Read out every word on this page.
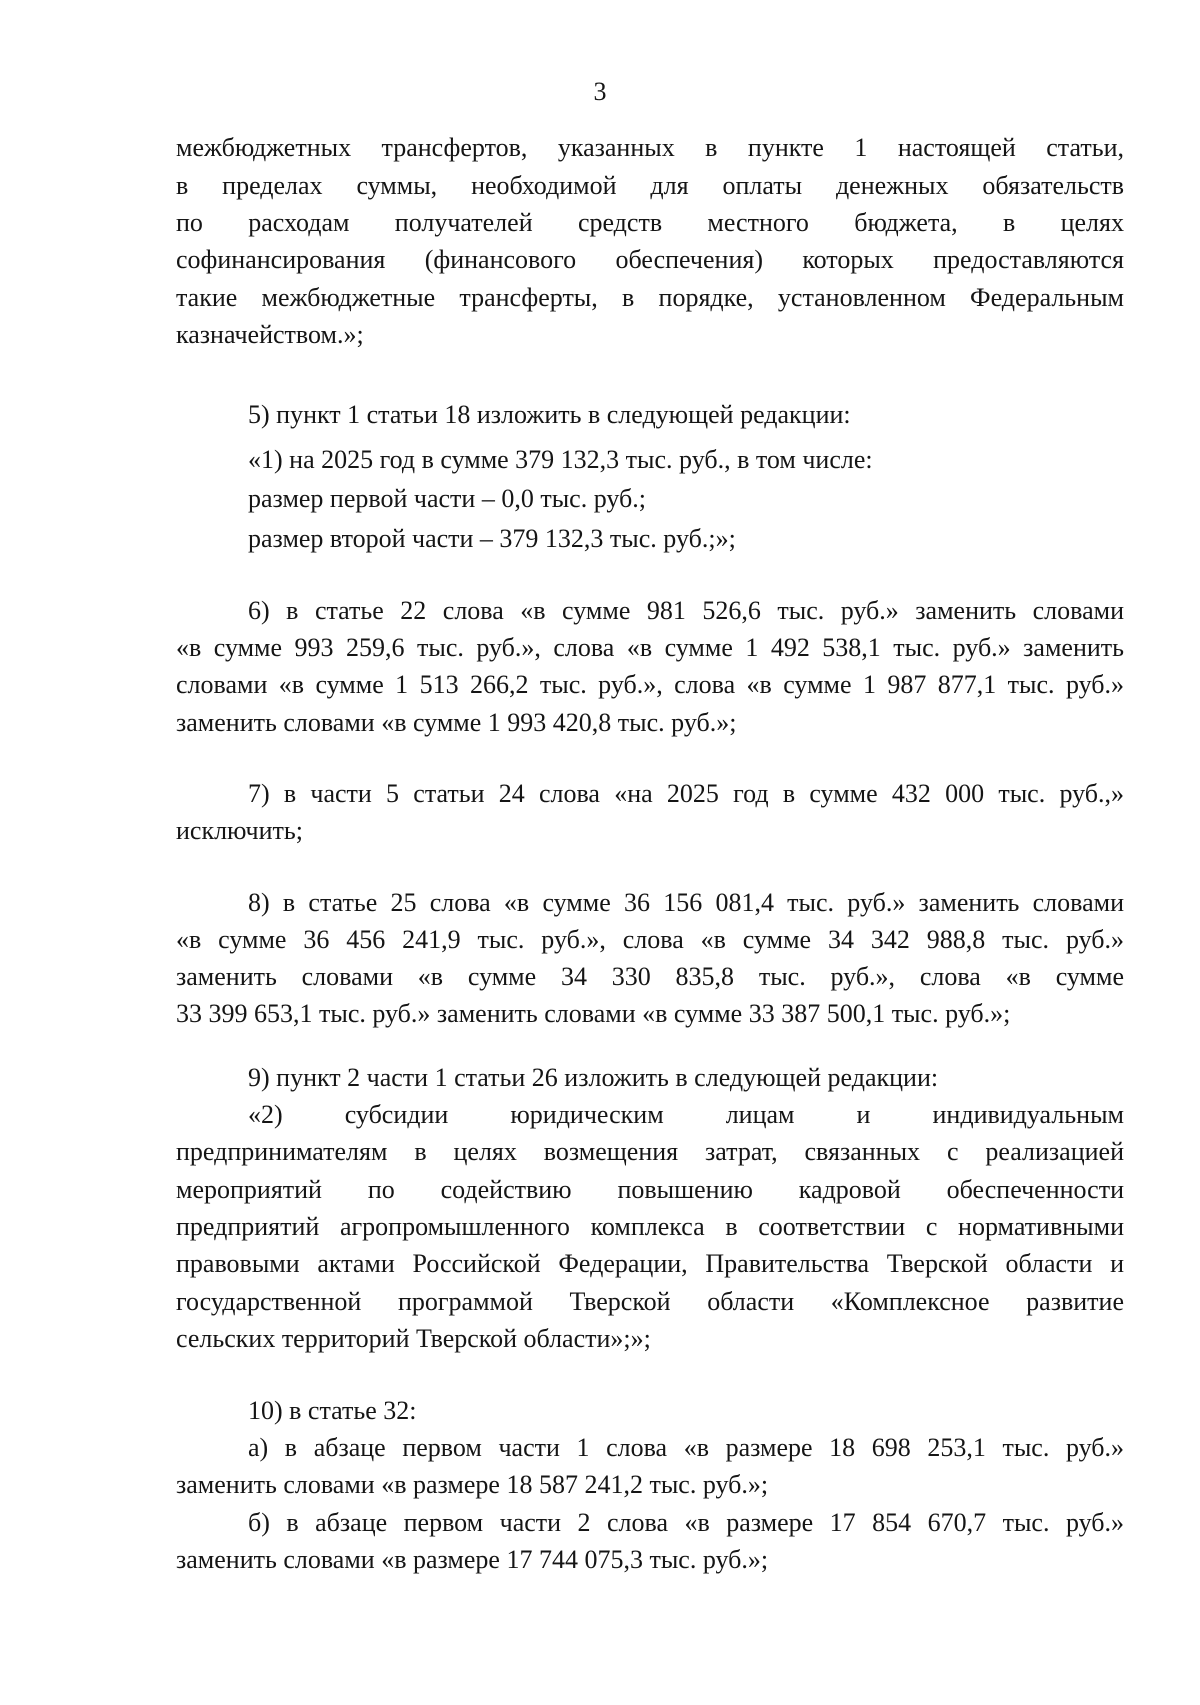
3
межбюджетных трансфертов, указанных в пункте 1 настоящей статьи,
в пределах суммы, необходимой для оплаты денежных обязательств
по расходам получателей средств местного бюджета, в целях
софинансирования (финансового обеспечения) которых предоставляются
такие межбюджетные трансферты, в порядке, установленном Федеральным
казначейством.»;
5) пункт 1 статьи 18 изложить в следующей редакции:
«1) на 2025 год в сумме 379 132,3 тыс. руб., в том числе:
размер первой части – 0,0 тыс. руб.;
размер второй части – 379 132,3 тыс. руб.;»;
6) в статье 22 слова «в сумме 981 526,6 тыс. руб.» заменить словами
«в сумме 993 259,6 тыс. руб.», слова «в сумме 1 492 538,1 тыс. руб.» заменить
словами «в сумме 1 513 266,2 тыс. руб.», слова «в сумме 1 987 877,1 тыс. руб.»
заменить словами «в сумме 1 993 420,8 тыс. руб.»;
7) в части 5 статьи 24 слова «на 2025 год в сумме 432 000 тыс. руб.,»
исключить;
8) в статье 25 слова «в сумме 36 156 081,4 тыс. руб.» заменить словами
«в сумме 36 456 241,9 тыс. руб.», слова «в сумме 34 342 988,8 тыс. руб.»
заменить словами «в сумме 34 330 835,8 тыс. руб.», слова «в сумме
33 399 653,1 тыс. руб.» заменить словами «в сумме 33 387 500,1 тыс. руб.»;
9) пункт 2 части 1 статьи 26 изложить в следующей редакции:
«2) субсидии юридическим лицам и индивидуальным
предпринимателям в целях возмещения затрат, связанных с реализацией
мероприятий по содействию повышению кадровой обеспеченности
предприятий агропромышленного комплекса в соответствии с нормативными
правовыми актами Российской Федерации, Правительства Тверской области и
государственной программой Тверской области «Комплексное развитие
сельских территорий Тверской области»;»;
10) в статье 32:
а) в абзаце первом части 1 слова «в размере 18 698 253,1 тыс. руб.»
заменить словами «в размере 18 587 241,2 тыс. руб.»;
б) в абзаце первом части 2 слова «в размере 17 854 670,7 тыс. руб.»
заменить словами «в размере 17 744 075,3 тыс. руб.»;
